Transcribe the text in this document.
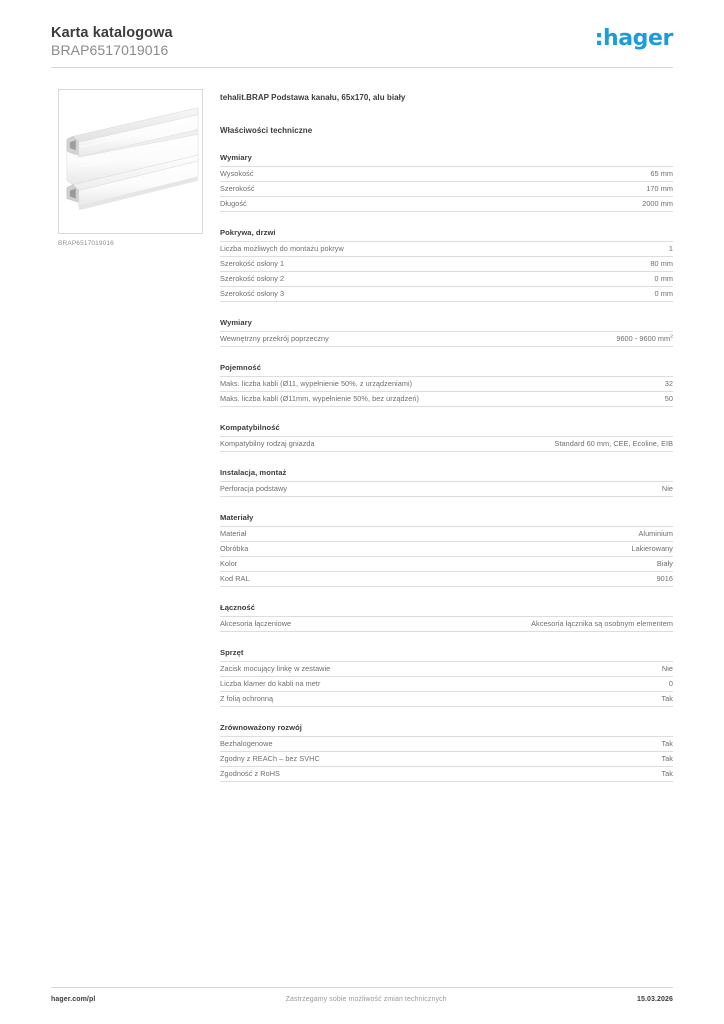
Karta katalogowa
BRAP6517019016	:hager
BRAP6517019016
tehalit.BRAP Podstawa kanału, 65x170, alu biały
Właściwości techniczne
Wymiary
Wysokość	65 mm
Szerokość	170 mm
Długość	2000 mm
Pokrywa, drzwi
Liczba możliwych do montażu pokryw	1
Szerokość osłony 1	80 mm
Szerokość osłony 2	0 mm
Szerokość osłony 3	0 mm
Wymiary
Wewnętrzny przekrój poprzeczny	9600 - 9600 $mm^2$
Pojemność
Maks. liczba kabli (Ø11, wypełnienie 50%, z urządzeniami)	32
Maks. liczba kabli (Ø11mm, wypełnienie 50%, bez urządzeń)	50
Kompatybilność
Kompatybilny rodzaj gniazda	Standard 60 mm, CEE, Ecoline, EIB
Instalacja, montaż
Perforacja podstawy	Nie
Materiały
Materiał	Aluminium
Obróbka	Lakierowany
Kolor	Biały
Kod RAL	9016
Łączność
Akcesoria łączeniowe	Akcesoria łącznika są osobnym elementem
Sprzęt
Zacisk mocujący linkę w zestawie	Nie
Liczba klamer do kabli na metr	0
Z folią ochronną	Tak
Zrównoważony rozwój
Bezhalogenowe	Tak
Zgodny z REACh – bez SVHC	Tak
Zgodność z RoHS	Tak
hager.com/pl	Zastrzegamy sobie możliwość zmian technicznych	15.03.2026
